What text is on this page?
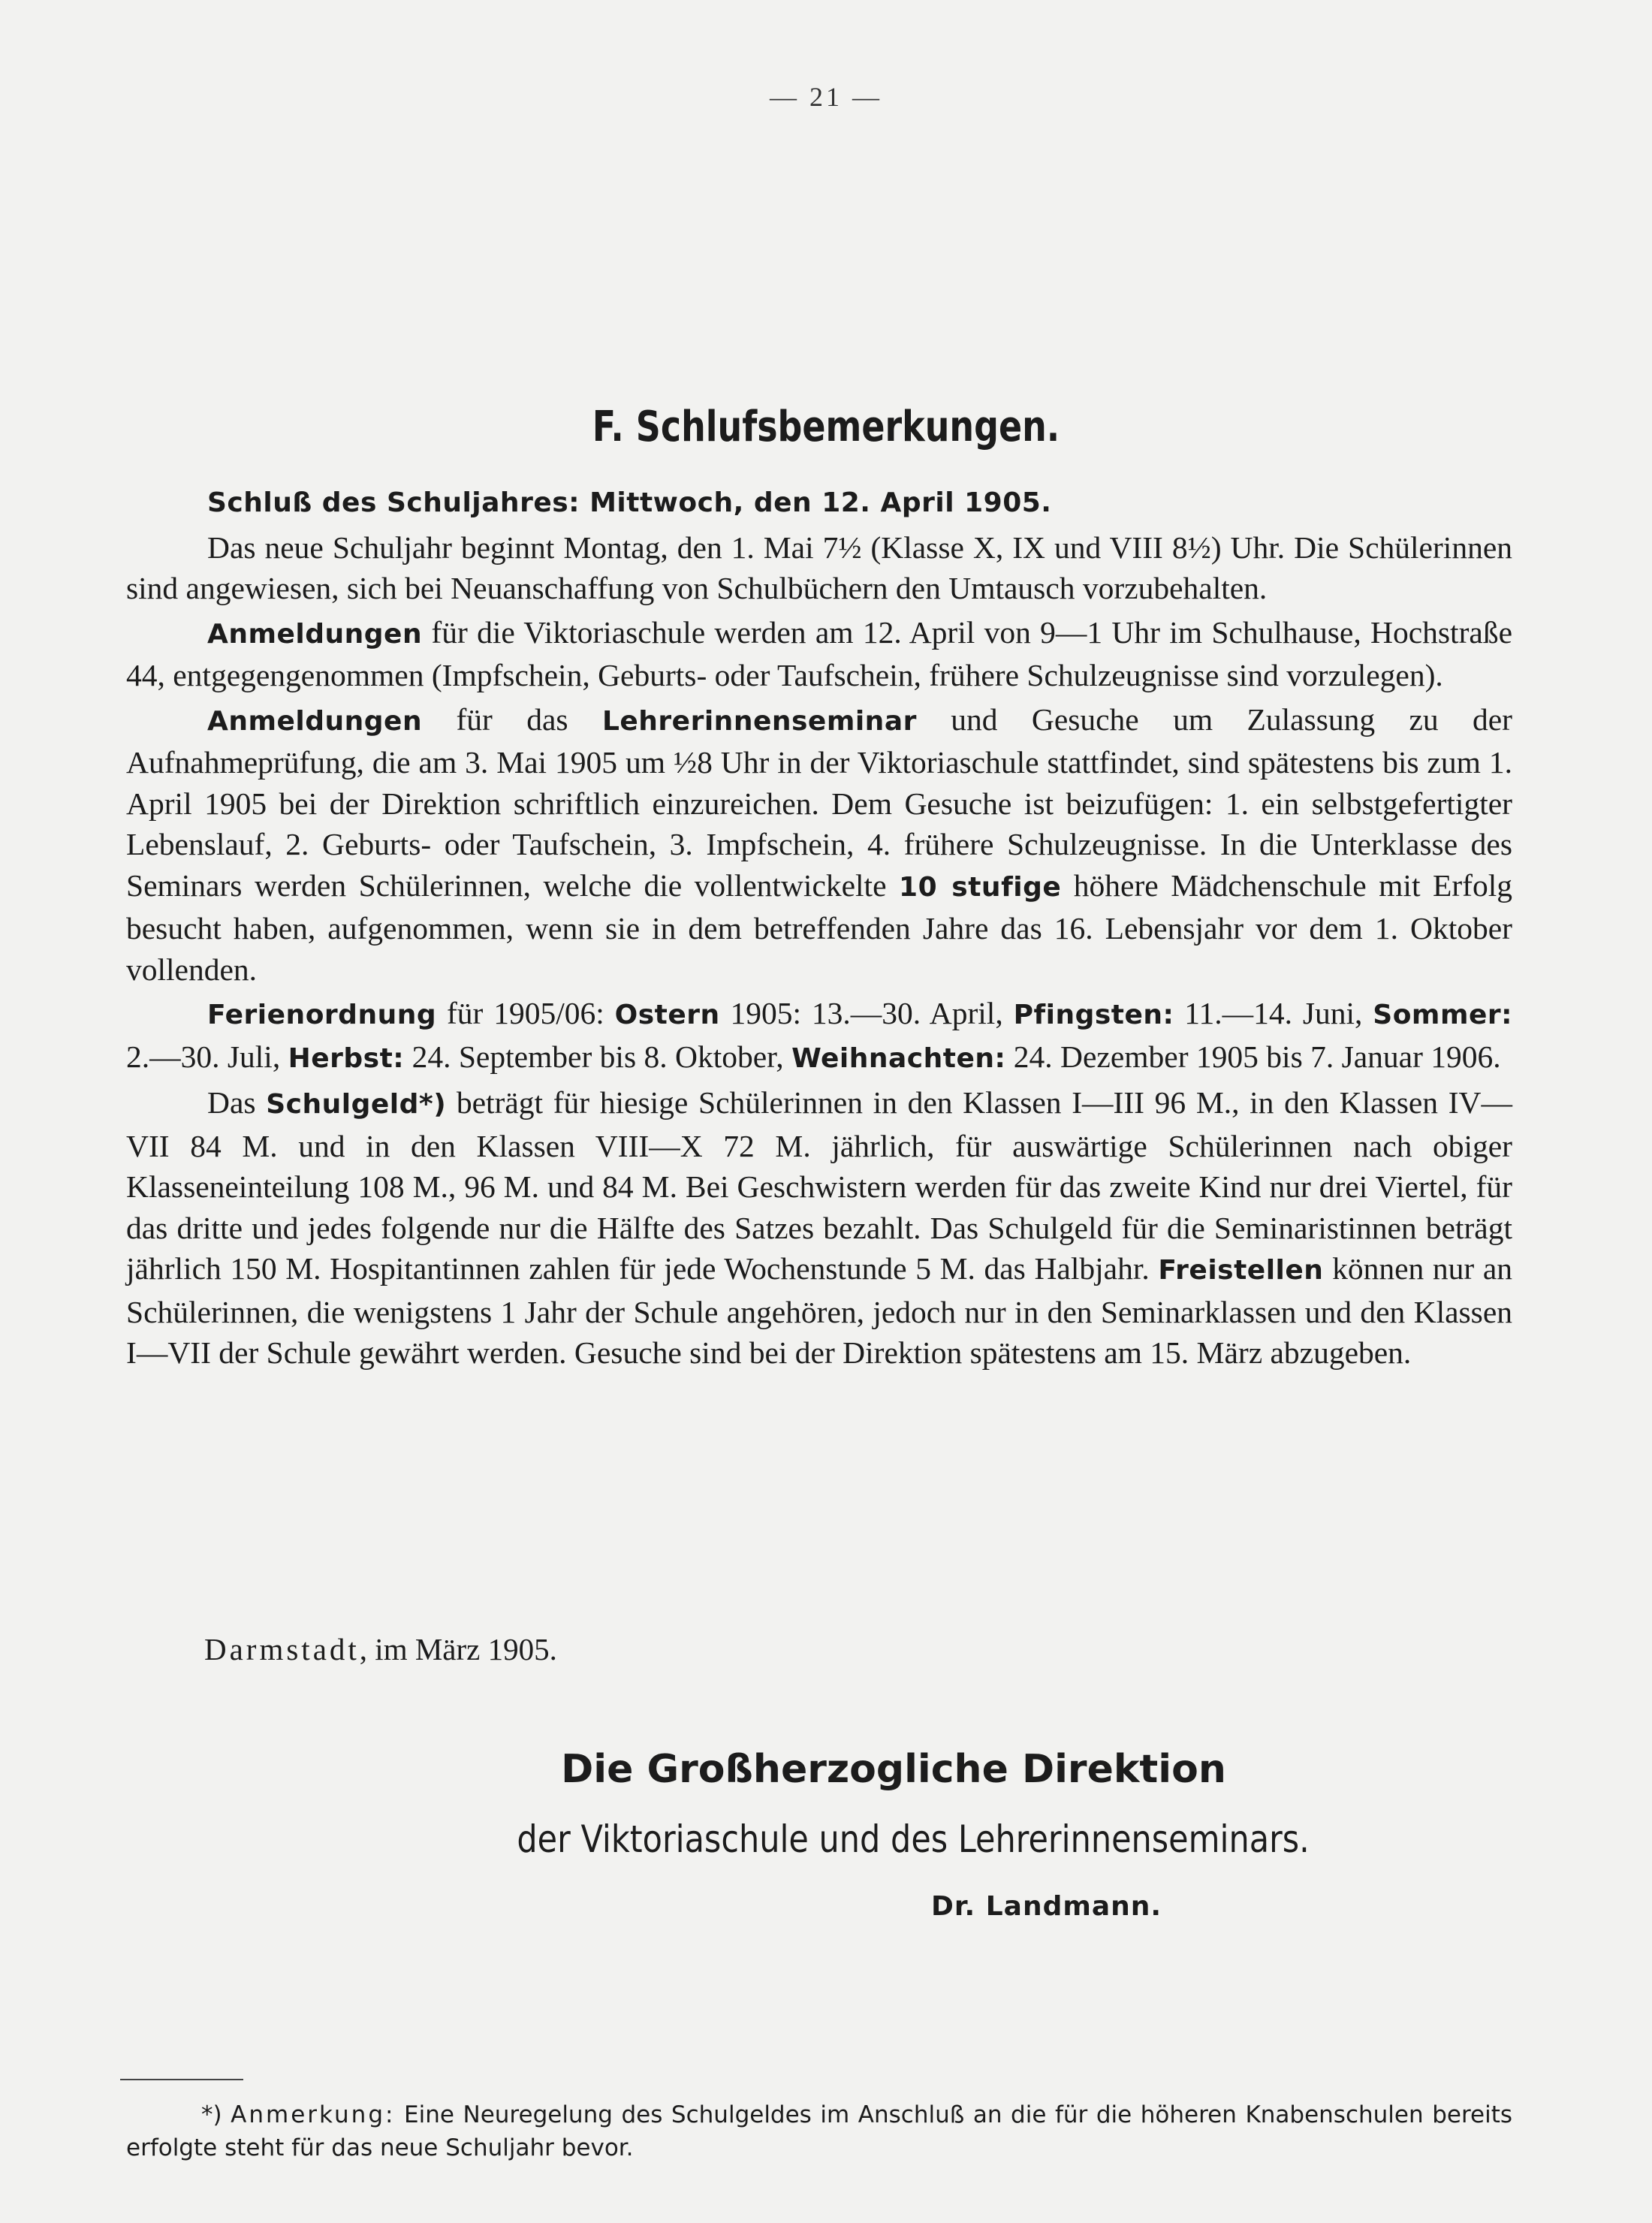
— 21 —
F. Schlufsbemerkungen.

Schluß des Schuljahres: Mittwoch, den 12. April 1905.

Das neue Schuljahr beginnt Montag, den 1. Mai 7½ (Klasse X, IX und VIII 8½) Uhr. Die Schülerinnen sind angewiesen, sich bei Neuanschaffung von Schulbüchern den Umtausch vorzubehalten.

Anmeldungen für die Viktoriaschule werden am 12. April von 9—1 Uhr im Schulhause, Hochstraße 44, entgegengenommen (Impfschein, Geburts- oder Taufschein, frühere Schulzeugnisse sind vorzulegen).

Anmeldungen für das Lehrerinnenseminar und Gesuche um Zulassung zu der Aufnahmeprüfung, die am 3. Mai 1905 um ½8 Uhr in der Viktoriaschule stattfindet, sind spätestens bis zum 1. April 1905 bei der Direktion schriftlich einzureichen. Dem Gesuche ist beizufügen: 1. ein selbstgefertigter Lebenslauf, 2. Geburts- oder Taufschein, 3. Impfschein, 4. frühere Schulzeugnisse. In die Unterklasse des Seminars werden Schülerinnen, welche die vollentwickelte 10 stufige höhere Mädchenschule mit Erfolg besucht haben, aufgenommen, wenn sie in dem betreffenden Jahre das 16. Lebensjahr vor dem 1. Oktober vollenden.

Ferienordnung für 1905/06: Ostern 1905: 13.—30. April, Pfingsten: 11.—14. Juni, Sommer: 2.—30. Juli, Herbst: 24. September bis 8. Oktober, Weihnachten: 24. Dezember 1905 bis 7. Januar 1906.

Das Schulgeld*) beträgt für hiesige Schülerinnen in den Klassen I—III 96 M., in den Klassen IV—VII 84 M. und in den Klassen VIII—X 72 M. jährlich, für auswärtige Schülerinnen nach obiger Klasseneinteilung 108 M., 96 M. und 84 M. Bei Geschwistern werden für das zweite Kind nur drei Viertel, für das dritte und jedes folgende nur die Hälfte des Satzes bezahlt. Das Schulgeld für die Seminaristinnen beträgt jährlich 150 M. Hospitantinnen zahlen für jede Wochenstunde 5 M. das Halbjahr. Freistellen können nur an Schülerinnen, die wenigstens 1 Jahr der Schule angehören, jedoch nur in den Seminarklassen und den Klassen I—VII der Schule gewährt werden. Gesuche sind bei der Direktion spätestens am 15. März abzugeben.

Darmstadt, im März 1905.
Die Großherzogliche Direktion
der Viktoriaschule und des Lehrerinnenseminars.
Dr. Landmann.
*) Anmerkung: Eine Neuregelung des Schulgeldes im Anschluß an die für die höheren Knabenschulen bereits erfolgte steht für das neue Schuljahr bevor.
